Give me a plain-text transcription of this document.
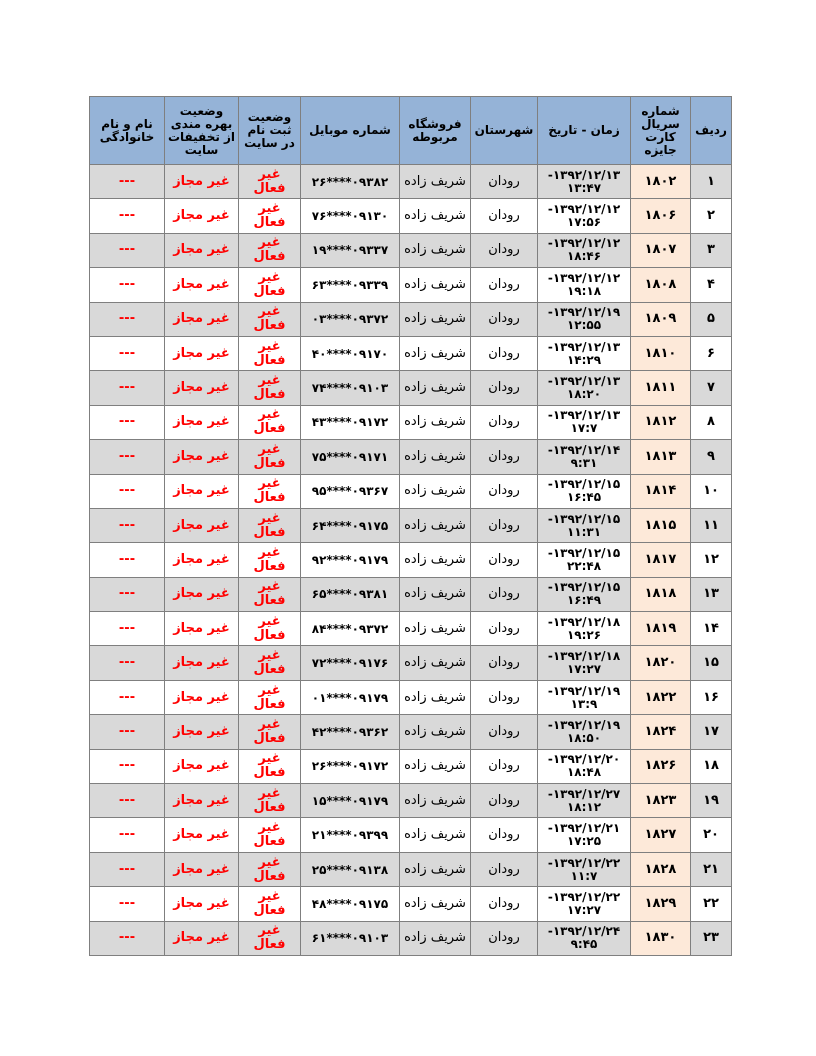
ردیف	شماره سریال کارت جایزه	زمان - تاریخ	شهرستان	فروشگاه مربوطه	شماره موبایل	وضعیت ثبت نام در سایت	وضعیت بهره مندی از تخفیفات سایت	نام و نام خانوادگی
۱	۱۸۰۲	۱۳۹۲/۱۲/۱۳- ۱۳:۴۷	رودان	شریف زاده	۰۹۳۸۲****۲۶	غیر فعال	غیر مجاز	---
۲	۱۸۰۶	۱۳۹۲/۱۲/۱۲- ۱۷:۵۶	رودان	شریف زاده	۰۹۱۳۰****۷۶	غیر فعال	غیر مجاز	---
۳	۱۸۰۷	۱۳۹۲/۱۲/۱۲- ۱۸:۴۶	رودان	شریف زاده	۰۹۳۳۷****۱۹	غیر فعال	غیر مجاز	---
۴	۱۸۰۸	۱۳۹۲/۱۲/۱۲- ۱۹:۱۸	رودان	شریف زاده	۰۹۳۳۹****۶۳	غیر فعال	غیر مجاز	---
۵	۱۸۰۹	۱۳۹۲/۱۲/۱۹- ۱۲:۵۵	رودان	شریف زاده	۰۹۳۷۲****۰۳	غیر فعال	غیر مجاز	---
۶	۱۸۱۰	۱۳۹۲/۱۲/۱۳- ۱۴:۲۹	رودان	شریف زاده	۰۹۱۷۰****۴۰	غیر فعال	غیر مجاز	---
۷	۱۸۱۱	۱۳۹۲/۱۲/۱۳- ۱۸:۲۰	رودان	شریف زاده	۰۹۱۰۳****۷۴	غیر فعال	غیر مجاز	---
۸	۱۸۱۲	۱۳۹۲/۱۲/۱۳- ۱۷:۷	رودان	شریف زاده	۰۹۱۷۲****۴۳	غیر فعال	غیر مجاز	---
۹	۱۸۱۳	۱۳۹۲/۱۲/۱۴- ۹:۳۱	رودان	شریف زاده	۰۹۱۷۱****۷۵	غیر فعال	غیر مجاز	---
۱۰	۱۸۱۴	۱۳۹۲/۱۲/۱۵- ۱۶:۴۵	رودان	شریف زاده	۰۹۳۶۷****۹۵	غیر فعال	غیر مجاز	---
۱۱	۱۸۱۵	۱۳۹۲/۱۲/۱۵- ۱۱:۳۱	رودان	شریف زاده	۰۹۱۷۵****۶۴	غیر فعال	غیر مجاز	---
۱۲	۱۸۱۷	۱۳۹۲/۱۲/۱۵- ۲۲:۴۸	رودان	شریف زاده	۰۹۱۷۹****۹۲	غیر فعال	غیر مجاز	---
۱۳	۱۸۱۸	۱۳۹۲/۱۲/۱۵- ۱۶:۴۹	رودان	شریف زاده	۰۹۳۸۱****۶۵	غیر فعال	غیر مجاز	---
۱۴	۱۸۱۹	۱۳۹۲/۱۲/۱۸- ۱۹:۲۶	رودان	شریف زاده	۰۹۳۷۲****۸۴	غیر فعال	غیر مجاز	---
۱۵	۱۸۲۰	۱۳۹۲/۱۲/۱۸- ۱۷:۲۷	رودان	شریف زاده	۰۹۱۷۶****۷۲	غیر فعال	غیر مجاز	---
۱۶	۱۸۲۲	۱۳۹۲/۱۲/۱۹- ۱۳:۹	رودان	شریف زاده	۰۹۱۷۹****۰۱	غیر فعال	غیر مجاز	---
۱۷	۱۸۲۴	۱۳۹۲/۱۲/۱۹- ۱۸:۵۰	رودان	شریف زاده	۰۹۳۶۲****۴۲	غیر فعال	غیر مجاز	---
۱۸	۱۸۲۶	۱۳۹۲/۱۲/۲۰- ۱۸:۴۸	رودان	شریف زاده	۰۹۱۷۲****۲۶	غیر فعال	غیر مجاز	---
۱۹	۱۸۲۳	۱۳۹۲/۱۲/۲۷- ۱۸:۱۲	رودان	شریف زاده	۰۹۱۷۹****۱۵	غیر فعال	غیر مجاز	---
۲۰	۱۸۲۷	۱۳۹۲/۱۲/۲۱- ۱۷:۲۵	رودان	شریف زاده	۰۹۳۹۹****۲۱	غیر فعال	غیر مجاز	---
۲۱	۱۸۲۸	۱۳۹۲/۱۲/۲۲- ۱۱:۷	رودان	شریف زاده	۰۹۱۳۸****۲۵	غیر فعال	غیر مجاز	---
۲۲	۱۸۲۹	۱۳۹۲/۱۲/۲۲- ۱۷:۲۷	رودان	شریف زاده	۰۹۱۷۵****۴۸	غیر فعال	غیر مجاز	---
۲۳	۱۸۳۰	۱۳۹۲/۱۲/۲۴- ۹:۴۵	رودان	شریف زاده	۰۹۱۰۳****۶۱	غیر فعال	غیر مجاز	---
